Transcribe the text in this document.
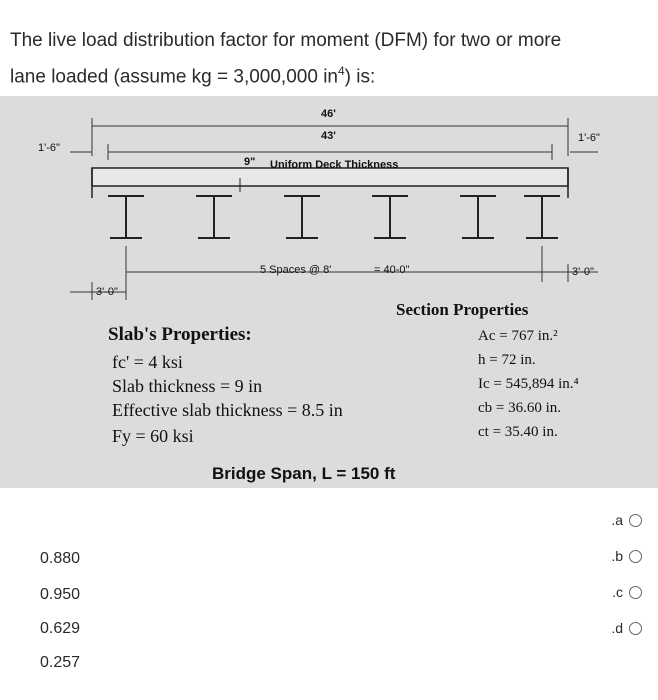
The live load distribution factor for moment (DFM) for two or more
lane loaded (assume kg = 3,000,000 $in^4$) is:
46'
43'
1'-6"
1'-6"
9" Uniform Deck Thickness
5 Spaces @ 8'	= 40-0"
3'-0"
3'-0"
Slab's Properties:
fc' = 4 ksi
Slab thickness = 9 in
Effective slab thickness = 8.5 in
Fy = 60 ksi
Section Properties
Ac = 767 in.²
h = 72 in.
Ic = 545,894 in.⁴
cb = 36.60 in.
ct = 35.40 in.
Bridge Span, L = 150 ft
.a
.b
.c
.d
0.880
0.950
0.629
0.257
